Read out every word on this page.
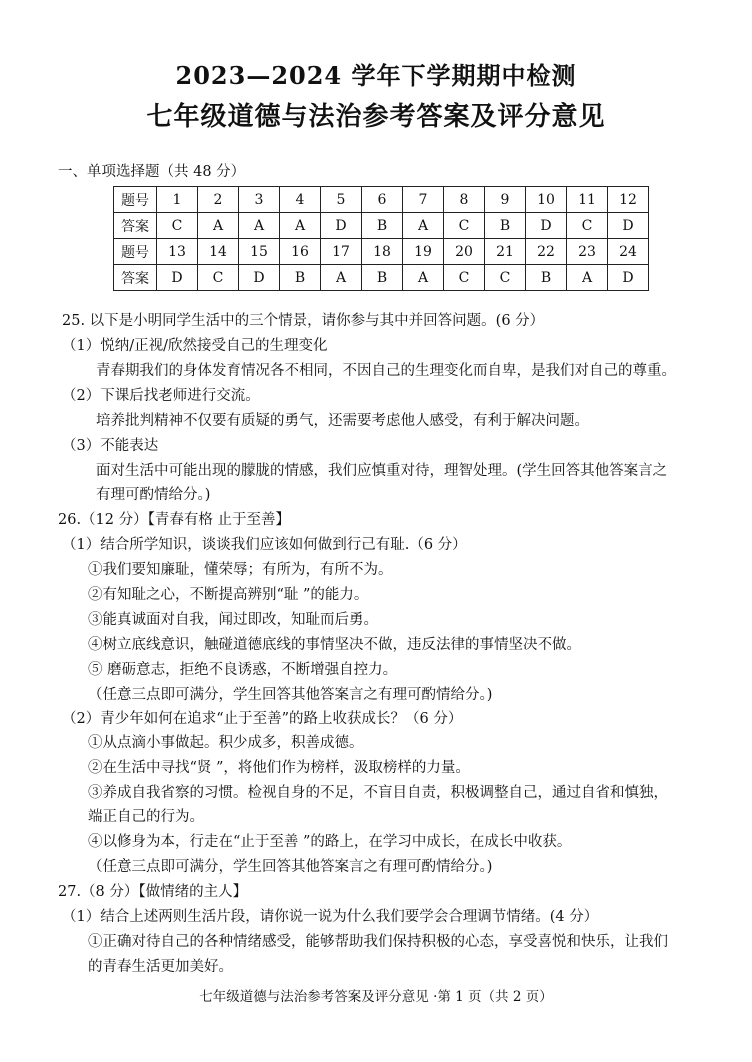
2023—2024 学年下学期期中检测
七年级道德与法治参考答案及评分意见
一、单项选择题（共 48 分）
题号	1	2	3	4	5	6	7	8	9	10	11	12
答案	C	A	A	A	D	B	A	C	B	D	C	D
题号	13	14	15	16	17	18	19	20	21	22	23	24
答案	D	C	D	B	A	B	A	C	C	B	A	D
25. 以下是小明同学生活中的三个情景，请你参与其中并回答问题。(6 分）
（1）悦纳/正视/欣然接受自己的生理变化
青春期我们的身体发育情况各不相同，不因自己的生理变化而自卑，是我们对自己的尊重。
（2）下课后找老师进行交流。
培养批判精神不仅要有质疑的勇气，还需要考虑他人感受，有利于解决问题。
（3）不能表达
面对生活中可能出现的朦胧的情感，我们应慎重对待，理智处理。(学生回答其他答案言之
有理可酌情给分。)
26.（12 分）【青春有格 止于至善】
（1）结合所学知识，谈谈我们应该如何做到行己有耻.（6 分）
①我们要知廉耻，懂荣辱；有所为，有所不为。
②有知耻之心，不断提高辨别“耻 ”的能力。
③能真诚面对自我，闻过即改，知耻而后勇。
④树立底线意识，触碰道德底线的事情坚决不做，违反法律的事情坚决不做。
⑤ 磨砺意志，拒绝不良诱惑，不断增强自控力。
（任意三点即可满分，学生回答其他答案言之有理可酌情给分。)
（2）青少年如何在追求“止于至善”的路上收获成长？（6 分）
①从点滴小事做起。积少成多，积善成德。
②在生活中寻找“贤 ”，将他们作为榜样，汲取榜样的力量。
③养成自我省察的习惯。检视自身的不足，不盲目自责，积极调整自己，通过自省和慎独，
端正自己的行为。
④以修身为本，行走在“止于至善 ”的路上，在学习中成长，在成长中收获。
（任意三点即可满分，学生回答其他答案言之有理可酌情给分。)
27.（8 分）【做情绪的主人】
（1）结合上述两则生活片段，请你说一说为什么我们要学会合理调节情绪。(4 分）
①正确对待自己的各种情绪感受，能够帮助我们保持积极的心态，享受喜悦和快乐，让我们
的青春生活更加美好。
七年级道德与法治参考答案及评分意见 ·第 1 页（共 2 页）
